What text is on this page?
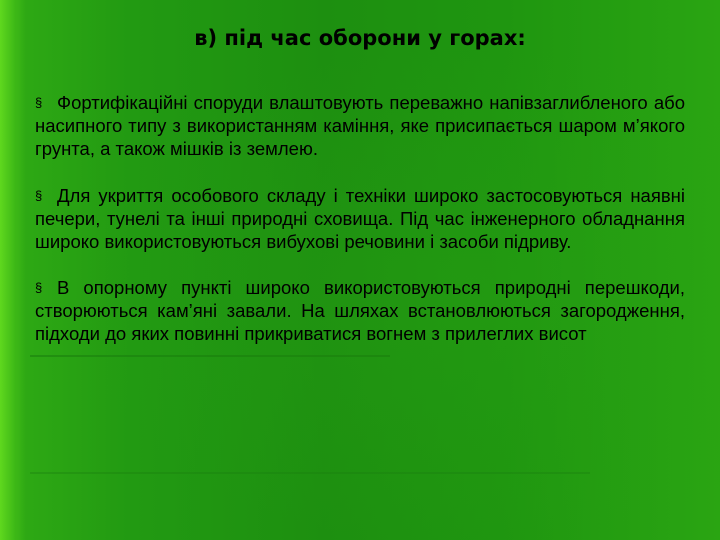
в) під час оборони у горах:

§ Фортифікаційні споруди влаштовують переважно напівзаглибленого або насипного типу з використанням каміння, яке присипається шаром м’якого грунта, а також мішків із землею.

§ Для укриття особового складу і техніки широко застосовуються наявні печери, тунелі та інші природні сховища. Під час інженерного обладнання широко використовуються вибухові речовини і засоби підриву.

§ В опорному пункті широко використовуються природні перешкоди, створюються кам’яні завали. На шляхах встановлюються загородження, підходи до яких повинні прикриватися вогнем з прилеглих висот
